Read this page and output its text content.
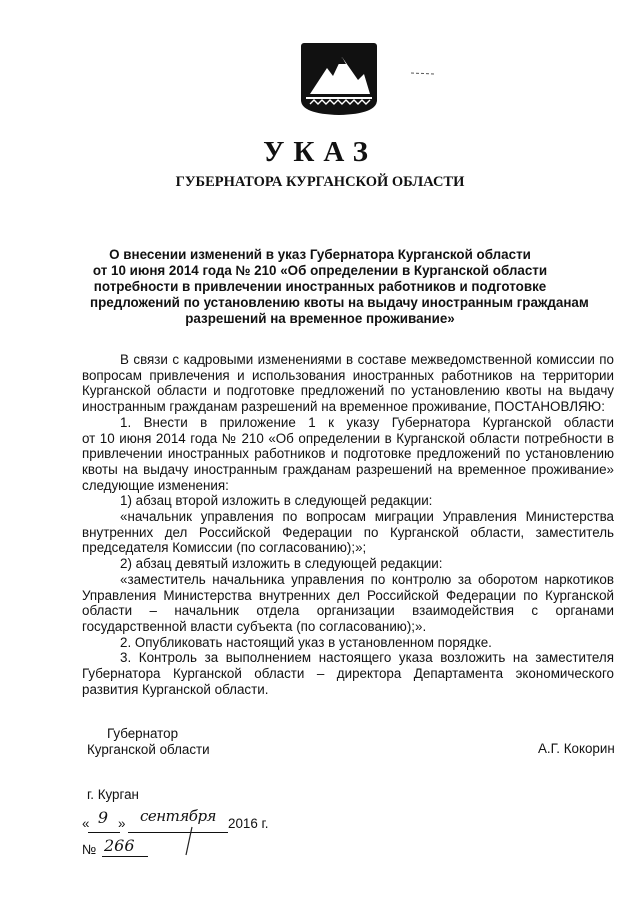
УКАЗ
ГУБЕРНАТОРА КУРГАНСКОЙ ОБЛАСТИ
О внесении изменений в указ Губернатора Курганской области
от 10 июня 2014 года № 210 «Об определении в Курганской области
потребности в привлечении иностранных работников и подготовке
предложений по установлению квоты на выдачу иностранным гражданам
разрешений на временное проживание»
В связи с кадровыми изменениями в составе межведомственной комиссии по вопросам привлечения и использования иностранных работников на территории Курганской области и подготовке предложений по установлению квоты на выдачу иностранным гражданам разрешений на временное проживание, ПОСТАНОВЛЯЮ:
1. Внести в приложение 1 к указу Губернатора Курганской области
от 10 июня 2014 года № 210 «Об определении в Курганской области потребности в привлечении иностранных работников и подготовке предложений по установлению квоты на выдачу иностранным гражданам разрешений на временное проживание» следующие изменения:
1) абзац второй изложить в следующей редакции:
«начальник управления по вопросам миграции Управления Министерства внутренних дел Российской Федерации по Курганской области, заместитель председателя Комиссии (по согласованию);»;
2) абзац девятый изложить в следующей редакции:
«заместитель начальника управления по контролю за оборотом наркотиков Управления Министерства внутренних дел Российской Федерации по Курганской области – начальник отдела организации взаимодействия с органами государственной власти субъекта (по согласованию);».
2. Опубликовать настоящий указ в установленном порядке.
3. Контроль за выполнением настоящего указа возложить на заместителя Губернатора Курганской области – директора Департамента экономического развития Курганской области.
Губернатор
Курганской области	А.Г. Кокорин
г. Курган
« 9 » сентября 2016 г.
№ 266
